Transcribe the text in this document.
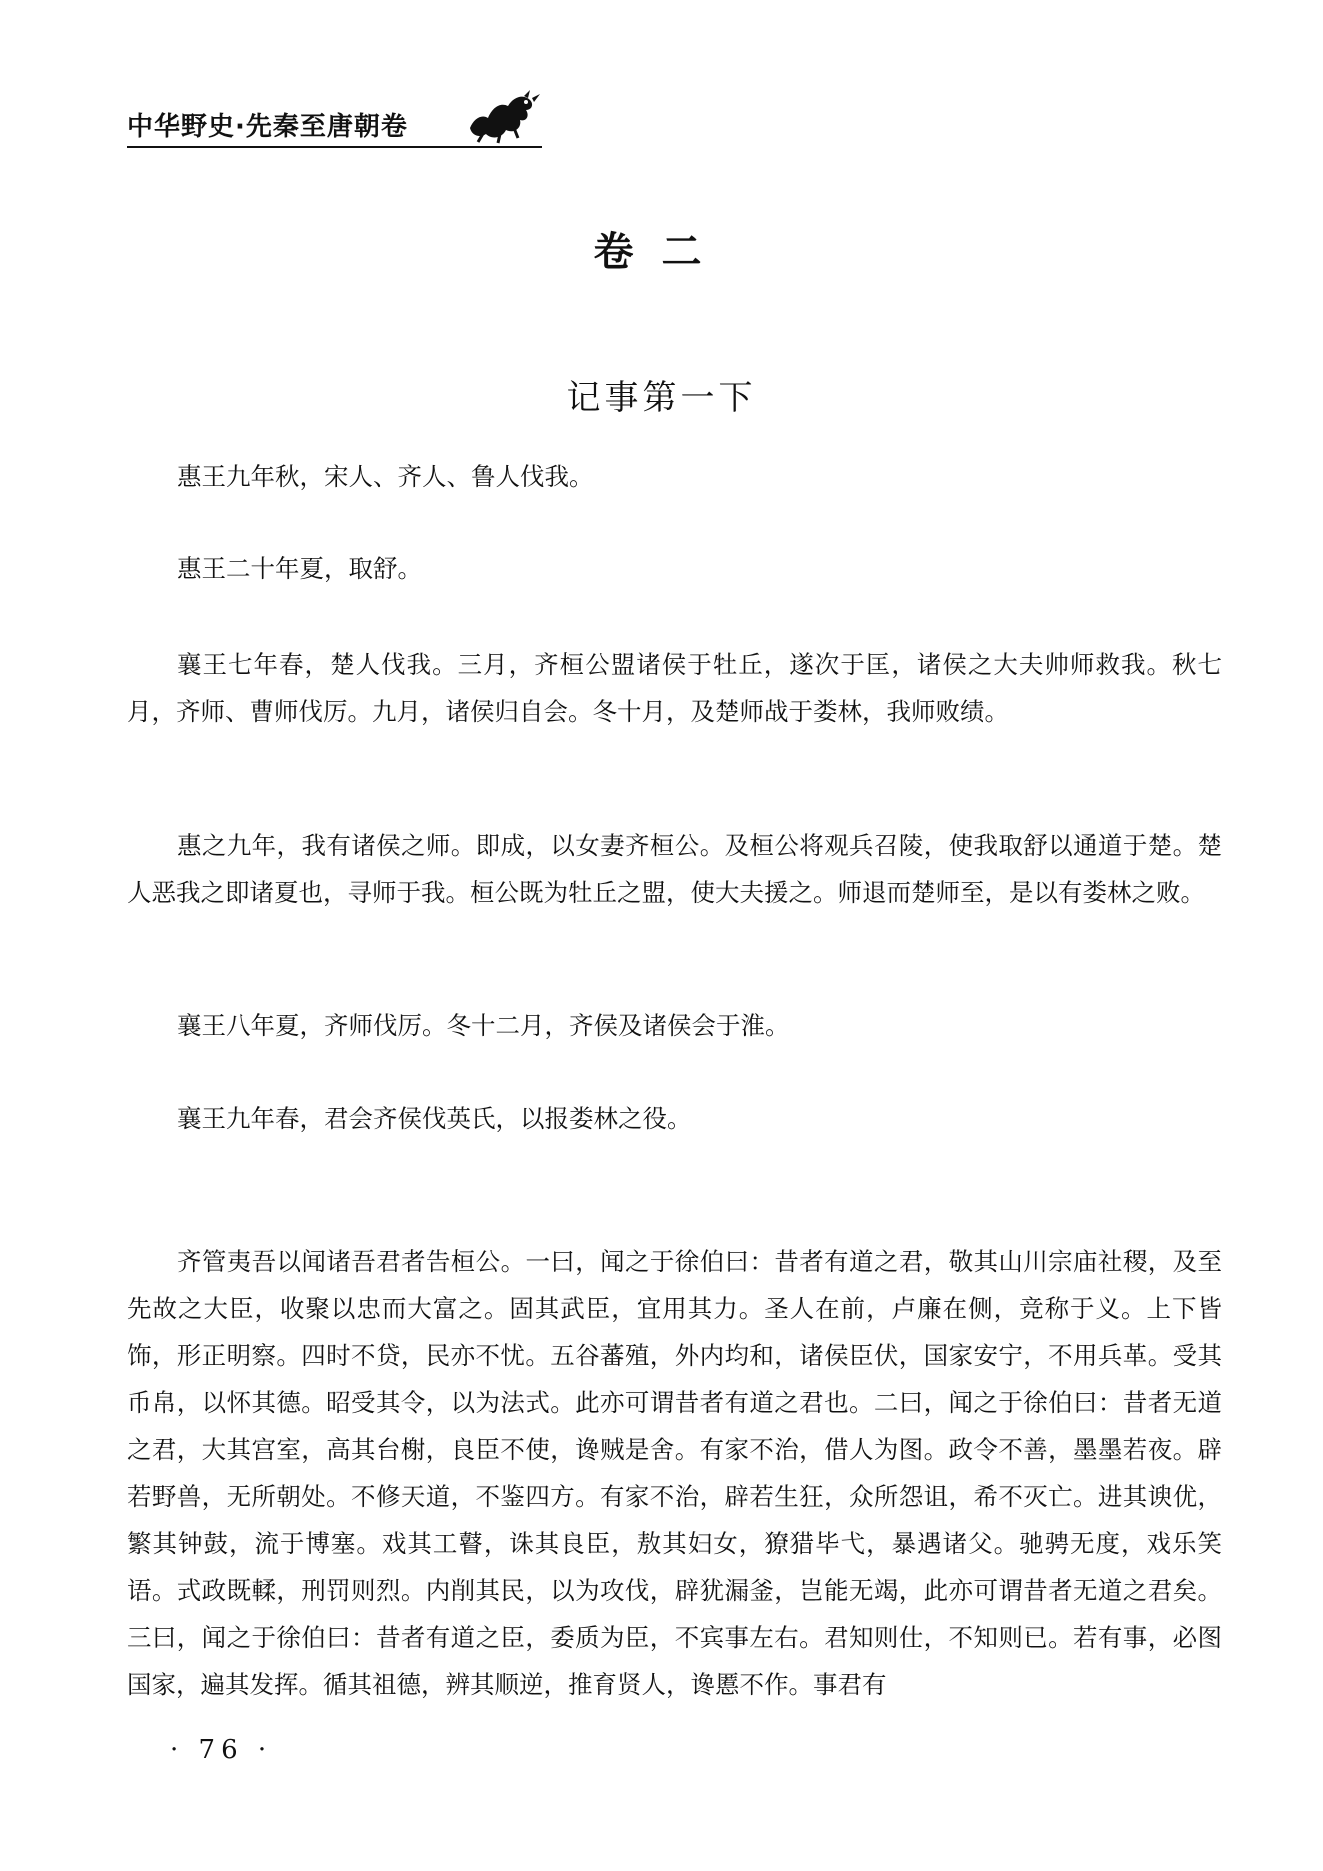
中华野史·先秦至唐朝卷
卷二
记事第一下

惠王九年秋，宋人、齐人、鲁人伐我。

惠王二十年夏，取舒。

襄王七年春，楚人伐我。三月，齐桓公盟诸侯于牡丘，遂次于匡，诸侯之大夫帅师救我。秋七月，齐师、曹师伐厉。九月，诸侯归自会。冬十月，及楚师战于娄林，我师败绩。

惠之九年，我有诸侯之师。即成，以女妻齐桓公。及桓公将观兵召陵，使我取舒以通道于楚。楚人恶我之即诸夏也，寻师于我。桓公既为牡丘之盟，使大夫援之。师退而楚师至，是以有娄林之败。

襄王八年夏，齐师伐厉。冬十二月，齐侯及诸侯会于淮。

襄王九年春，君会齐侯伐英氏，以报娄林之役。

齐管夷吾以闻诸吾君者告桓公。一曰，闻之于徐伯曰：昔者有道之君，敬其山川宗庙社稷，及至先故之大臣，收聚以忠而大富之。固其武臣，宜用其力。圣人在前，卢廉在侧，竞称于义。上下皆饰，形正明察。四时不贷，民亦不忧。五谷蕃殖，外内均和，诸侯臣伏，国家安宁，不用兵革。受其币帛，以怀其德。昭受其令，以为法式。此亦可谓昔者有道之君也。二曰，闻之于徐伯曰：昔者无道之君，大其宫室，高其台榭，良臣不使，谗贼是舍。有家不治，借人为图。政令不善，墨墨若夜。辟若野兽，无所朝处。不修天道，不鉴四方。有家不治，辟若生狂，众所怨诅，希不灭亡。进其谀优，繁其钟鼓，流于博塞。戏其工瞽，诛其良臣，敖其妇女，獠猎毕弋，暴遇诸父。驰骋无度，戏乐笑语。式政既輮，刑罚则烈。内削其民，以为攻伐，辟犹漏釜，岂能无竭，此亦可谓昔者无道之君矣。三曰，闻之于徐伯曰：昔者有道之臣，委质为臣，不宾事左右。君知则仕，不知则已。若有事，必图国家，遍其发挥。循其祖德，辨其顺逆，推育贤人，谗慝不作。事君有

· 76 ·
